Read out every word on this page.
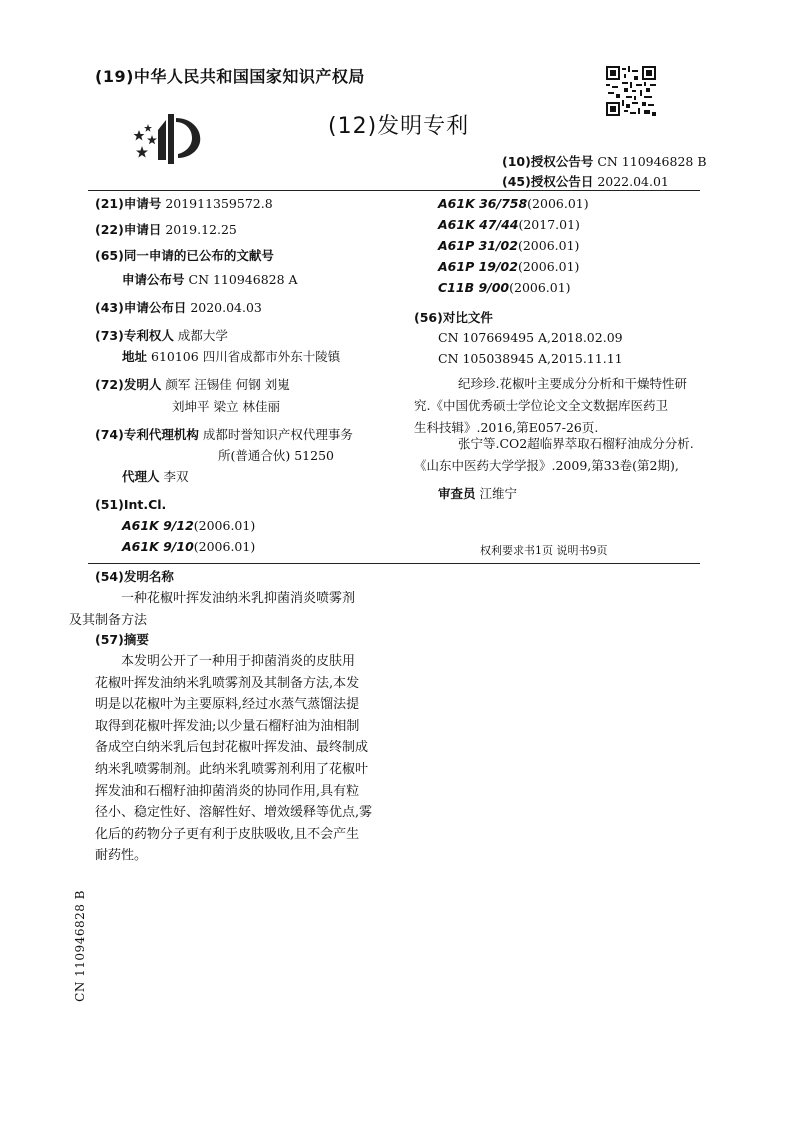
(19)中华人民共和国国家知识产权局
(12)发明专利
(10)授权公告号 CN 110946828 B
(45)授权公告日 2022.04.01
(21)申请号 201911359572.8
(22)申请日 2019.12.25
(65)同一申请的已公布的文献号
申请公布号 CN 110946828 A
(43)申请公布日 2020.04.03
(73)专利权人 成都大学
地址 610106 四川省成都市外东十陵镇
(72)发明人 颜军 汪锡佳 何钢 刘嵬
刘坤平 梁立 林佳丽
(74)专利代理机构 成都时誉知识产权代理事务
所(普通合伙) 51250
代理人 李双
(51)Int.Cl.
A61K 9/12(2006.01)
A61K 9/10(2006.01)
A61K 36/758(2006.01)
A61K 47/44(2017.01)
A61P 31/02(2006.01)
A61P 19/02(2006.01)
C11B 9/00(2006.01)
(56)对比文件
CN 107669495 A,2018.02.09
CN 105038945 A,2015.11.11
纪珍珍.花椒叶主要成分分析和干燥特性研
究.《中国优秀硕士学位论文全文数据库医药卫
生科技辑》.2016,第E057-26页.
张宁等.CO2超临界萃取石榴籽油成分分析.
《山东中医药大学学报》.2009,第33卷(第2期),
审查员 江维宁
权利要求书1页 说明书9页
(54)发明名称
一种花椒叶挥发油纳米乳抑菌消炎喷雾剂
及其制备方法
(57)摘要
本发明公开了一种用于抑菌消炎的皮肤用
花椒叶挥发油纳米乳喷雾剂及其制备方法,本发
明是以花椒叶为主要原料,经过水蒸气蒸馏法提
取得到花椒叶挥发油;以少量石榴籽油为油相制
备成空白纳米乳后包封花椒叶挥发油、最终制成
纳米乳喷雾制剂。此纳米乳喷雾剂利用了花椒叶
挥发油和石榴籽油抑菌消炎的协同作用,具有粒
径小、稳定性好、溶解性好、增效缓释等优点,雾
化后的药物分子更有利于皮肤吸收,且不会产生
耐药性。
CN 110946828 B
